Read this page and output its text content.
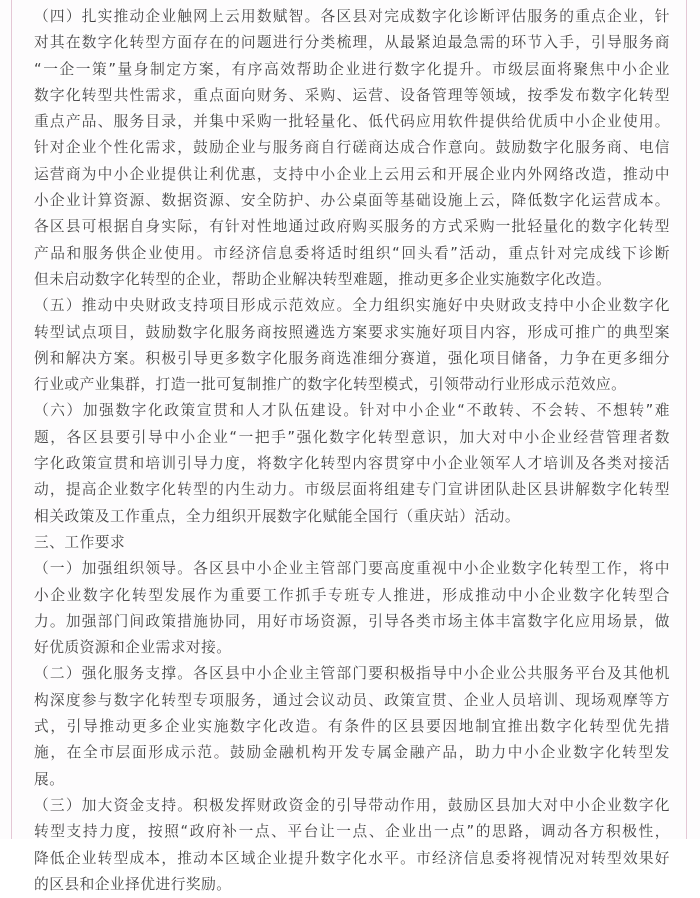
（四）扎实推动企业触网上云用数赋智。各区县对完成数字化诊断评估服务的重点企业，针
对其在数字化转型方面存在的问题进行分类梳理，从最紧迫最急需的环节入手，引导服务商
“一企一策”量身制定方案，有序高效帮助企业进行数字化提升。市级层面将聚焦中小企业
数字化转型共性需求，重点面向财务、采购、运营、设备管理等领域，按季发布数字化转型
重点产品、服务目录，并集中采购一批轻量化、低代码应用软件提供给优质中小企业使用。
针对企业个性化需求，鼓励企业与服务商自行磋商达成合作意向。鼓励数字化服务商、电信
运营商为中小企业提供让利优惠，支持中小企业上云用云和开展企业内外网络改造，推动中
小企业计算资源、数据资源、安全防护、办公桌面等基础设施上云，降低数字化运营成本。
各区县可根据自身实际，有针对性地通过政府购买服务的方式采购一批轻量化的数字化转型
产品和服务供企业使用。市经济信息委将适时组织“回头看”活动，重点针对完成线下诊断
但未启动数字化转型的企业，帮助企业解决转型难题，推动更多企业实施数字化改造。
（五）推动中央财政支持项目形成示范效应。全力组织实施好中央财政支持中小企业数字化
转型试点项目，鼓励数字化服务商按照遴选方案要求实施好项目内容，形成可推广的典型案
例和解决方案。积极引导更多数字化服务商选准细分赛道，强化项目储备，力争在更多细分
行业或产业集群，打造一批可复制推广的数字化转型模式，引领带动行业形成示范效应。
（六）加强数字化政策宣贯和人才队伍建设。针对中小企业“不敢转、不会转、不想转”难
题，各区县要引导中小企业“一把手”强化数字化转型意识，加大对中小企业经营管理者数
字化政策宣贯和培训引导力度，将数字化转型内容贯穿中小企业领军人才培训及各类对接活
动，提高企业数字化转型的内生动力。市级层面将组建专门宣讲团队赴区县讲解数字化转型
相关政策及工作重点，全力组织开展数字化赋能全国行（重庆站）活动。
三、工作要求
（一）加强组织领导。各区县中小企业主管部门要高度重视中小企业数字化转型工作，将中
小企业数字化转型发展作为重要工作抓手专班专人推进，形成推动中小企业数字化转型合
力。加强部门间政策措施协同，用好市场资源，引导各类市场主体丰富数字化应用场景，做
好优质资源和企业需求对接。
（二）强化服务支撑。各区县中小企业主管部门要积极指导中小企业公共服务平台及其他机
构深度参与数字化转型专项服务，通过会议动员、政策宣贯、企业人员培训、现场观摩等方
式，引导推动更多企业实施数字化改造。有条件的区县要因地制宜推出数字化转型优先措
施，在全市层面形成示范。鼓励金融机构开发专属金融产品，助力中小企业数字化转型发
展。
（三）加大资金支持。积极发挥财政资金的引导带动作用，鼓励区县加大对中小企业数字化
转型支持力度，按照“政府补一点、平台让一点、企业出一点”的思路，调动各方积极性，
降低企业转型成本，推动本区域企业提升数字化水平。市经济信息委将视情况对转型效果好
的区县和企业择优进行奖励。
